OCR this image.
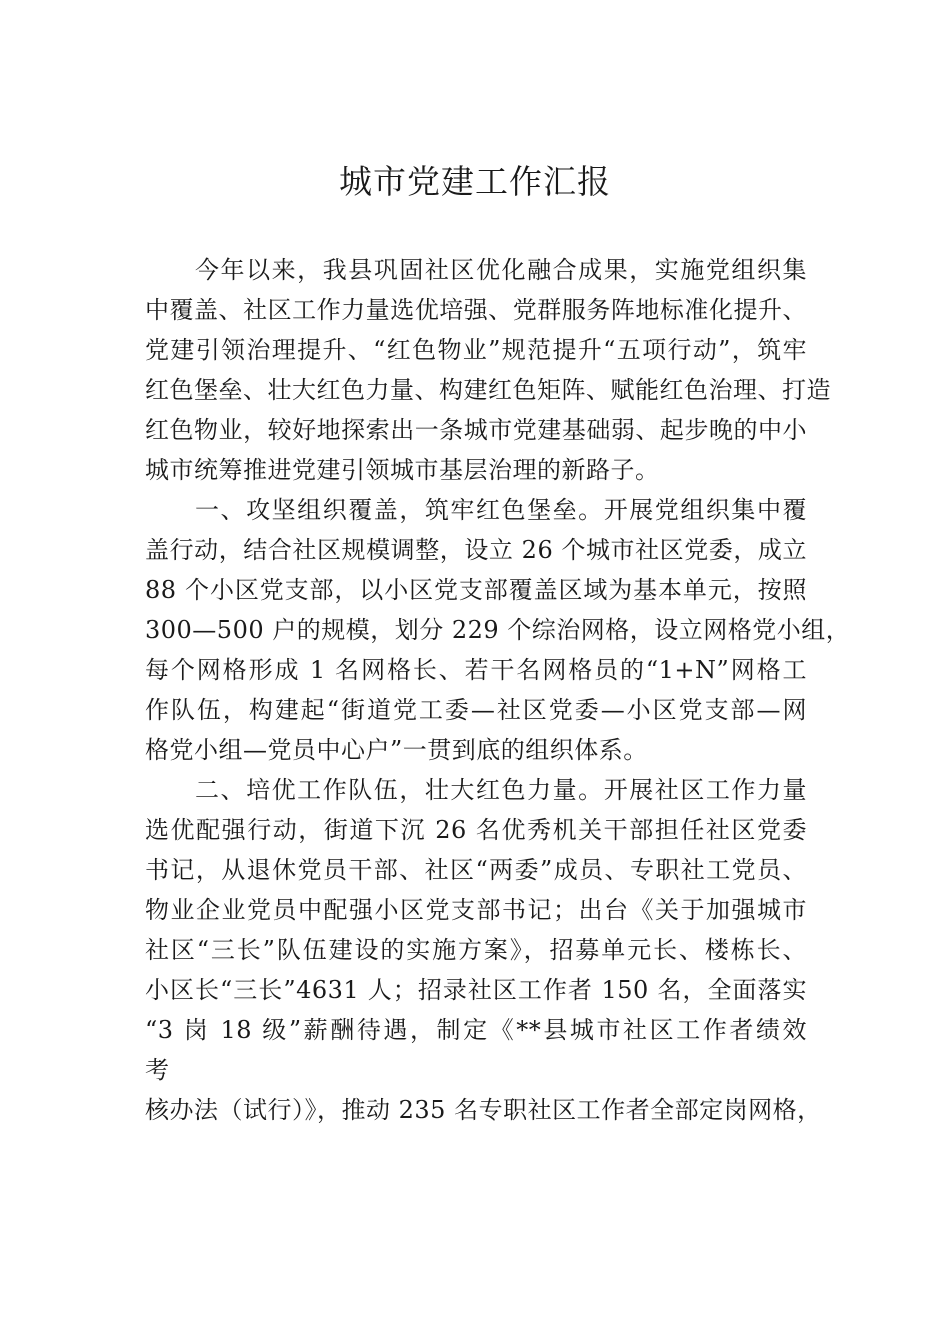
城市党建工作汇报
今年以来，我县巩固社区优化融合成果，实施党组织集
中覆盖、社区工作力量选优培强、党群服务阵地标准化提升、
党建引领治理提升、“红色物业”规范提升“五项行动”，筑牢
红色堡垒、壮大红色力量、构建红色矩阵、赋能红色治理、打造
红色物业，较好地探索出一条城市党建基础弱、起步晚的中小
城市统筹推进党建引领城市基层治理的新路子。
一、攻坚组织覆盖，筑牢红色堡垒。开展党组织集中覆
盖行动，结合社区规模调整，设立 26 个城市社区党委，成立
88 个小区党支部，以小区党支部覆盖区域为基本单元，按照
300—500 户的规模，划分 229 个综治网格，设立网格党小组，
每个网格形成 1 名网格长、若干名网格员的“1+N”网格工
作队伍，构建起“街道党工委—社区党委—小区党支部—网
格党小组—党员中心户”一贯到底的组织体系。
二、培优工作队伍，壮大红色力量。开展社区工作力量
选优配强行动，街道下沉 26 名优秀机关干部担任社区党委
书记，从退休党员干部、社区“两委”成员、专职社工党员、
物业企业党员中配强小区党支部书记；出台《关于加强城市
社区“三长”队伍建设的实施方案》，招募单元长、楼栋长、
小区长“三长”4631 人；招录社区工作者 150 名，全面落实
“3 岗 18 级”薪酬待遇，制定《**县城市社区工作者绩效
考
核办法（试行）》，推动 235 名专职社区工作者全部定岗网格，
